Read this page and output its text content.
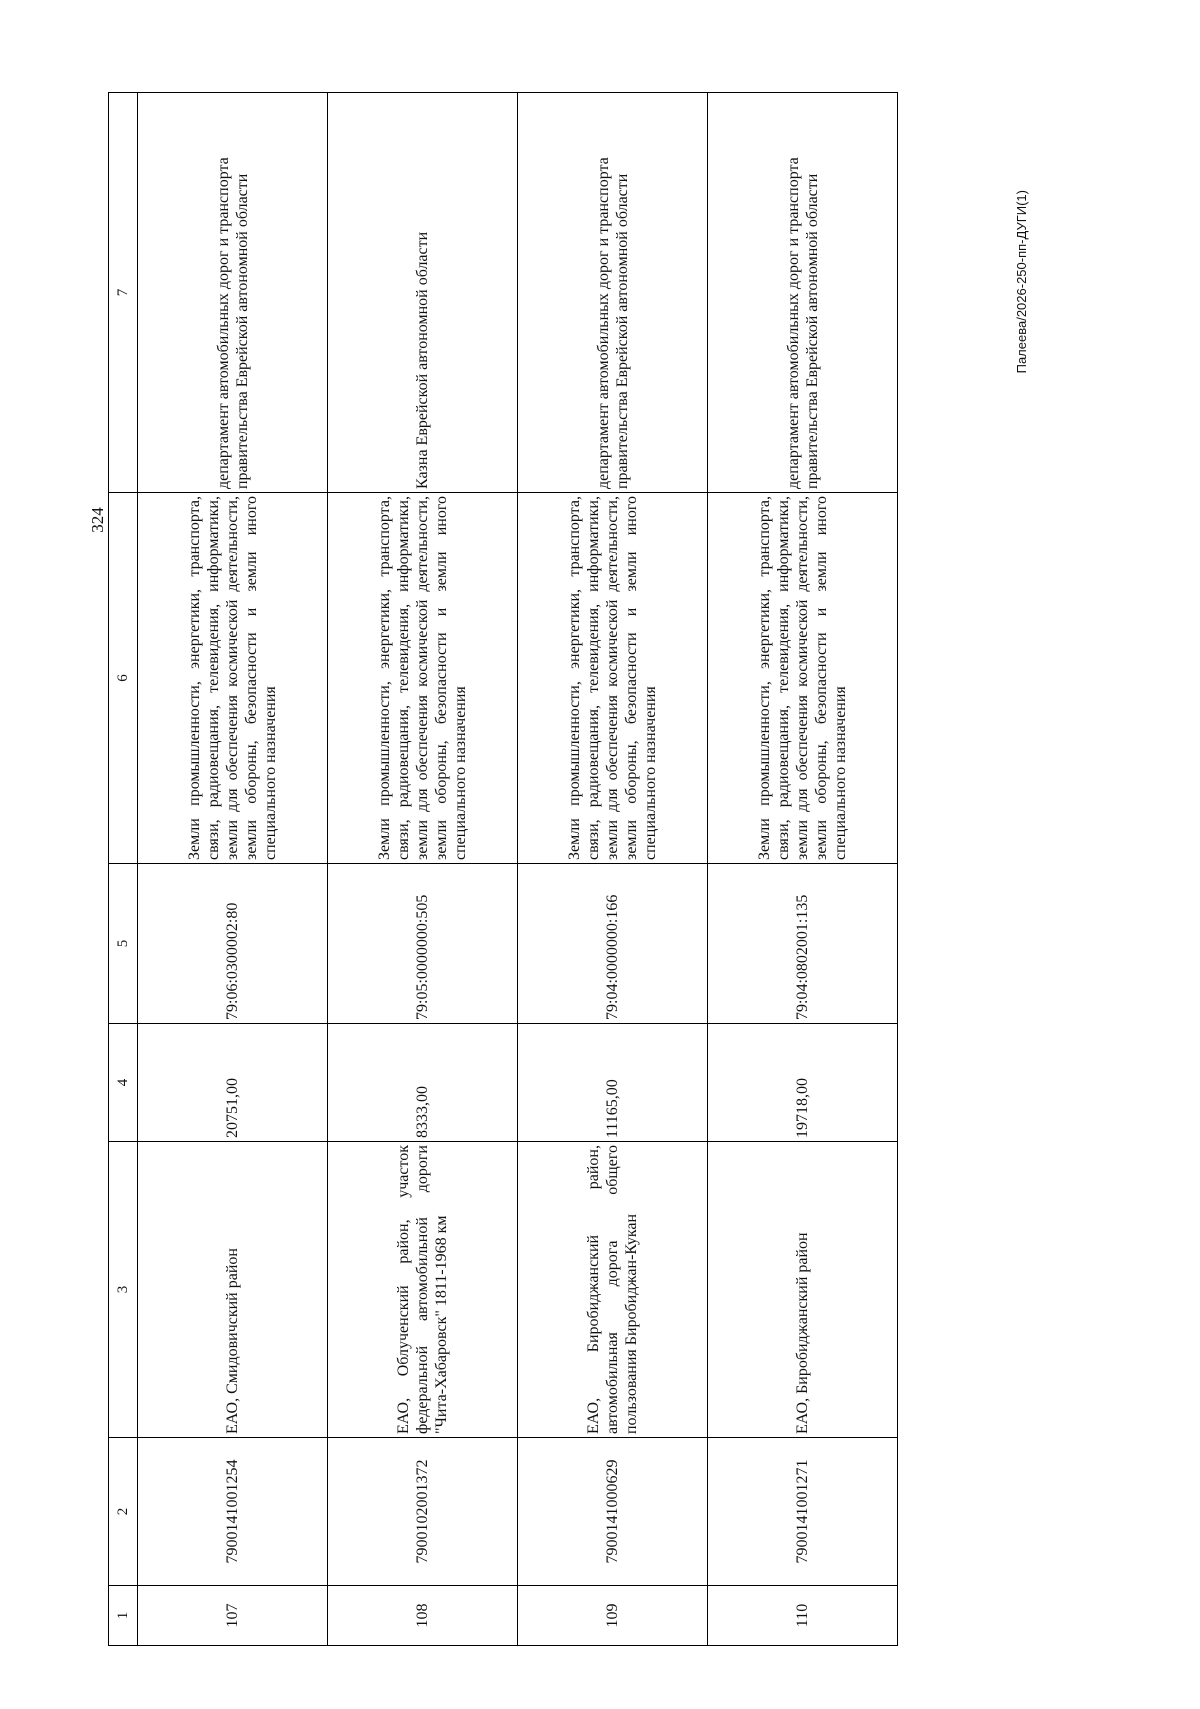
324
1	2	3	4	5	6	7
107	7900141001254	ЕАО, Смидовичский район	20751,00	79:06:0300002:80	Земли промышленности, энергетики, транспорта, связи, радиовещания, телевидения, информатики, земли для обеспечения космической деятельности, земли обороны, безопасности и земли иного специального назначения	департамент автомобильных дорог и транспорта правительства Еврейской автономной области
108	7900102001372	ЕАО, Облученский район, участок федеральной автомобильной дороги "Чита-Хабаровск" 1811-1968 км	8333,00	79:05:0000000:505	Земли промышленности, энергетики, транспорта, связи, радиовещания, телевидения, информатики, земли для обеспечения космической деятельности, земли обороны, безопасности и земли иного специального назначения	Казна Еврейской автономной области
109	7900141000629	ЕАО, Биробиджанский район, автомобильная дорога общего пользования Биробиджан-Кукан	11165,00	79:04:0000000:166	Земли промышленности, энергетики, транспорта, связи, радиовещания, телевидения, информатики, земли для обеспечения космической деятельности, земли обороны, безопасности и земли иного специального назначения	департамент автомобильных дорог и транспорта правительства Еврейской автономной области
110	7900141001271	ЕАО, Биробиджанский район	19718,00	79:04:0802001:135	Земли промышленности, энергетики, транспорта, связи, радиовещания, телевидения, информатики, земли для обеспечения космической деятельности, земли обороны, безопасности и земли иного специального назначения	департамент автомобильных дорог и транспорта правительства Еврейской автономной области	Палеева/2026-250-пп-ДУГИ(1)
